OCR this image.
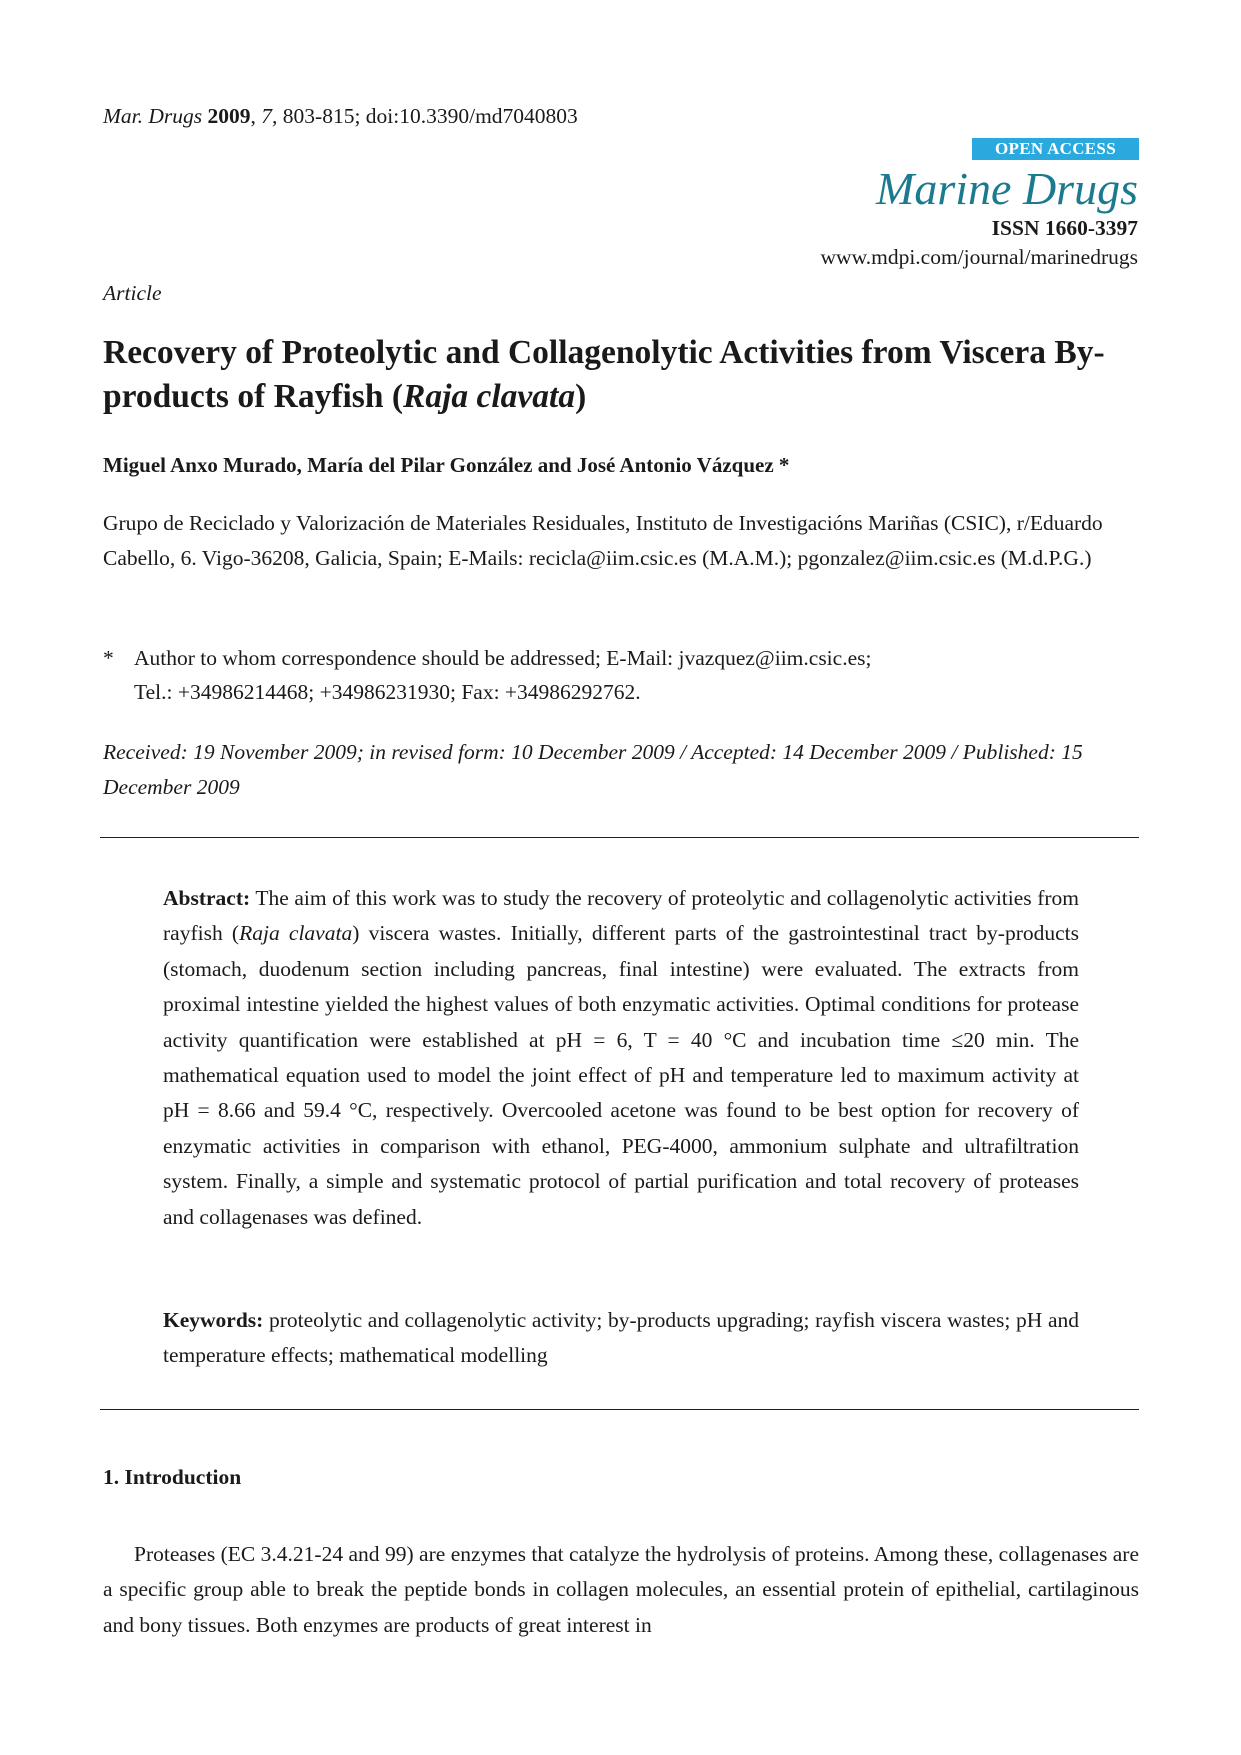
Mar. Drugs 2009, 7, 803-815; doi:10.3390/md7040803
OPEN ACCESS
Marine Drugs
ISSN 1660-3397
www.mdpi.com/journal/marinedrugs
Article
Recovery of Proteolytic and Collagenolytic Activities from Viscera By-products of Rayfish (Raja clavata)
Miguel Anxo Murado, María del Pilar González and José Antonio Vázquez *
Grupo de Reciclado y Valorización de Materiales Residuales, Instituto de Investigacións Mariñas (CSIC), r/Eduardo Cabello, 6. Vigo-36208, Galicia, Spain; E-Mails: recicla@iim.csic.es (M.A.M.); pgonzalez@iim.csic.es (M.d.P.G.)
* Author to whom correspondence should be addressed; E-Mail: jvazquez@iim.csic.es;
Tel.: +34986214468; +34986231930; Fax: +34986292762.
Received: 19 November 2009; in revised form: 10 December 2009 / Accepted: 14 December 2009 / Published: 15 December 2009
Abstract: The aim of this work was to study the recovery of proteolytic and collagenolytic activities from rayfish (Raja clavata) viscera wastes. Initially, different parts of the gastrointestinal tract by-products (stomach, duodenum section including pancreas, final intestine) were evaluated. The extracts from proximal intestine yielded the highest values of both enzymatic activities. Optimal conditions for protease activity quantification were established at pH = 6, T = 40 °C and incubation time ≤20 min. The mathematical equation used to model the joint effect of pH and temperature led to maximum activity at pH = 8.66 and 59.4 °C, respectively. Overcooled acetone was found to be best option for recovery of enzymatic activities in comparison with ethanol, PEG-4000, ammonium sulphate and ultrafiltration system. Finally, a simple and systematic protocol of partial purification and total recovery of proteases and collagenases was defined.
Keywords: proteolytic and collagenolytic activity; by-products upgrading; rayfish viscera wastes; pH and temperature effects; mathematical modelling
1. Introduction
Proteases (EC 3.4.21-24 and 99) are enzymes that catalyze the hydrolysis of proteins. Among these, collagenases are a specific group able to break the peptide bonds in collagen molecules, an essential protein of epithelial, cartilaginous and bony tissues. Both enzymes are products of great interest in
